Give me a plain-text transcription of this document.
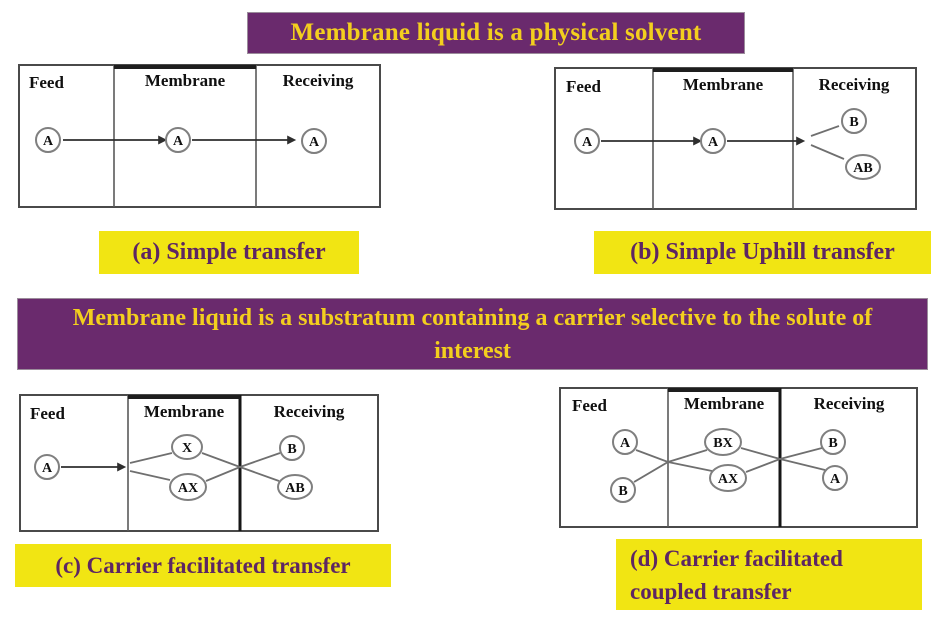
Membrane liquid is a physical solvent
Feed	Membrane	Receiving
A	A	A
Feed	Membrane	Receiving
A	A
B
AB
(a) Simple transfer	(b) Simple Uphill transfer
Membrane liquid is a substratum containing a carrier selective to the solute of interest
Feed	Membrane	Receiving
A
X
AX
B
AB
Feed	Membrane	Receiving
A
B
BX
AX
B
A
(c) Carrier facilitated transfer	(d) Carrier facilitated coupled transfer
